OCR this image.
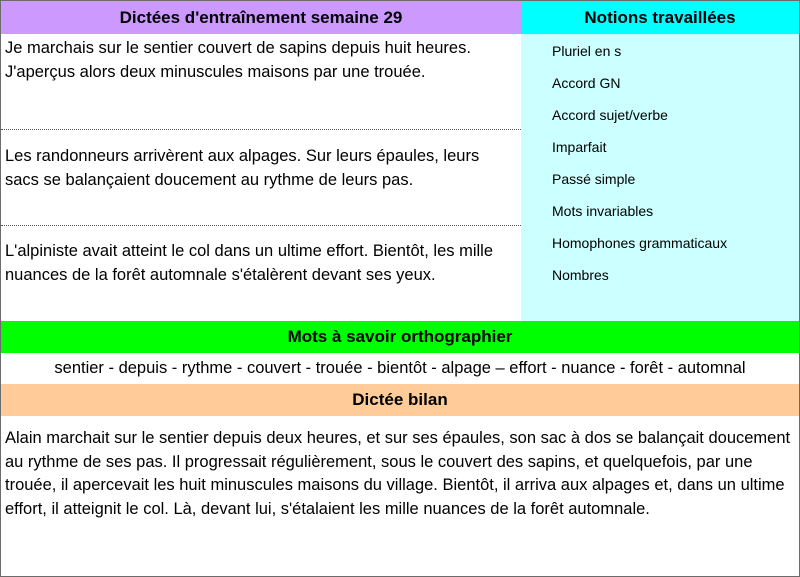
Dictées d'entraînement semaine 29	Notions travaillées
Je marchais sur le sentier couvert de sapins depuis huit heures. J'aperçus alors deux minuscules maisons par une trouée.
Les randonneurs arrivèrent aux alpages. Sur leurs épaules, leurs sacs se balançaient doucement au rythme de leurs pas.
L'alpiniste avait atteint le col dans un ultime effort. Bientôt, les mille nuances de la forêt automnale s'étalèrent devant ses yeux.
Pluriel en s
Accord GN
Accord sujet/verbe
Imparfait
Passé simple
Mots invariables
Homophones grammaticaux
Nombres
Mots à savoir orthographier
sentier - depuis - rythme - couvert - trouée - bientôt - alpage – effort - nuance - forêt - automnal
Dictée bilan
Alain marchait sur le sentier depuis deux heures, et sur ses épaules, son sac à dos se balançait doucement au rythme de ses pas. Il progressait régulièrement, sous le couvert des sapins, et quelquefois, par une trouée, il apercevait les huit minuscules maisons du village. Bientôt, il arriva aux alpages et, dans un ultime effort, il atteignit le col. Là, devant lui, s'étalaient les mille nuances de la forêt automnale.
